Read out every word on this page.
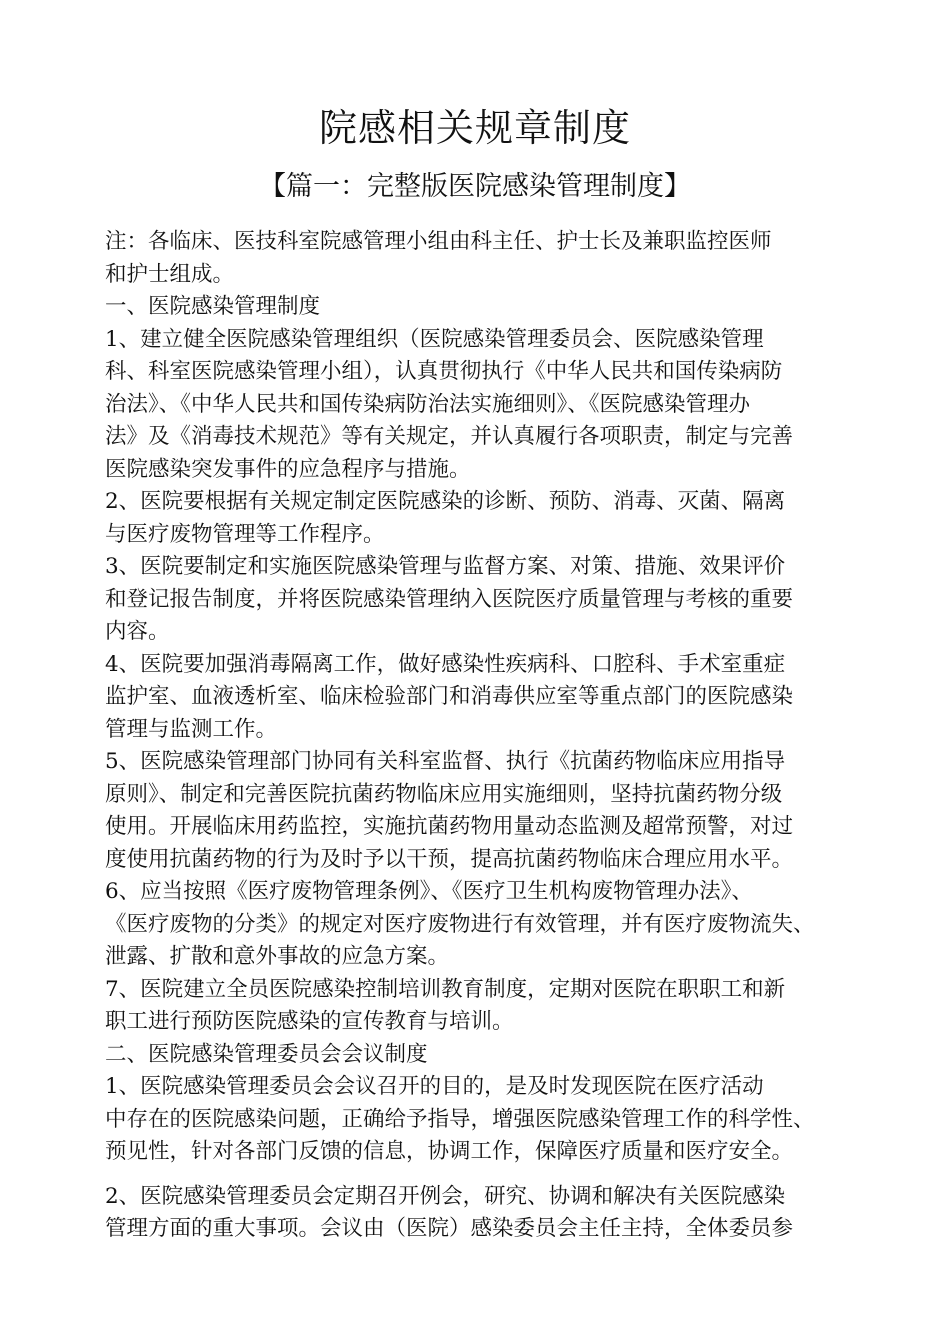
院感相关规章制度
【篇一：完整版医院感染管理制度】
注：各临床、医技科室院感管理小组由科主任、护士长及兼职监控医师
和护士组成。
一、医院感染管理制度
1、建立健全医院感染管理组织（医院感染管理委员会、医院感染管理
科、科室医院感染管理小组），认真贯彻执行《中华人民共和国传染病防
治法》、《中华人民共和国传染病防治法实施细则》、《医院感染管理办
法》及《消毒技术规范》等有关规定，并认真履行各项职责，制定与完善
医院感染突发事件的应急程序与措施。
2、医院要根据有关规定制定医院感染的诊断、预防、消毒、灭菌、隔离
与医疗废物管理等工作程序。
3、医院要制定和实施医院感染管理与监督方案、对策、措施、效果评价
和登记报告制度，并将医院感染管理纳入医院医疗质量管理与考核的重要
内容。
4、医院要加强消毒隔离工作，做好感染性疾病科、口腔科、手术室重症
监护室、血液透析室、临床检验部门和消毒供应室等重点部门的医院感染
管理与监测工作。
5、医院感染管理部门协同有关科室监督、执行《抗菌药物临床应用指导
原则》、制定和完善医院抗菌药物临床应用实施细则，坚持抗菌药物分级
使用。开展临床用药监控，实施抗菌药物用量动态监测及超常预警，对过
度使用抗菌药物的行为及时予以干预，提高抗菌药物临床合理应用水平。
6、应当按照《医疗废物管理条例》、《医疗卫生机构废物管理办法》、
《医疗废物的分类》的规定对医疗废物进行有效管理，并有医疗废物流失、
泄露、扩散和意外事故的应急方案。
7、医院建立全员医院感染控制培训教育制度，定期对医院在职职工和新
职工进行预防医院感染的宣传教育与培训。
二、医院感染管理委员会会议制度
1、医院感染管理委员会会议召开的目的，是及时发现医院在医疗活动
中存在的医院感染问题，正确给予指导，增强医院感染管理工作的科学性、
预见性，针对各部门反馈的信息，协调工作，保障医疗质量和医疗安全。
2、医院感染管理委员会定期召开例会，研究、协调和解决有关医院感染
管理方面的重大事项。会议由（医院）感染委员会主任主持，全体委员参
